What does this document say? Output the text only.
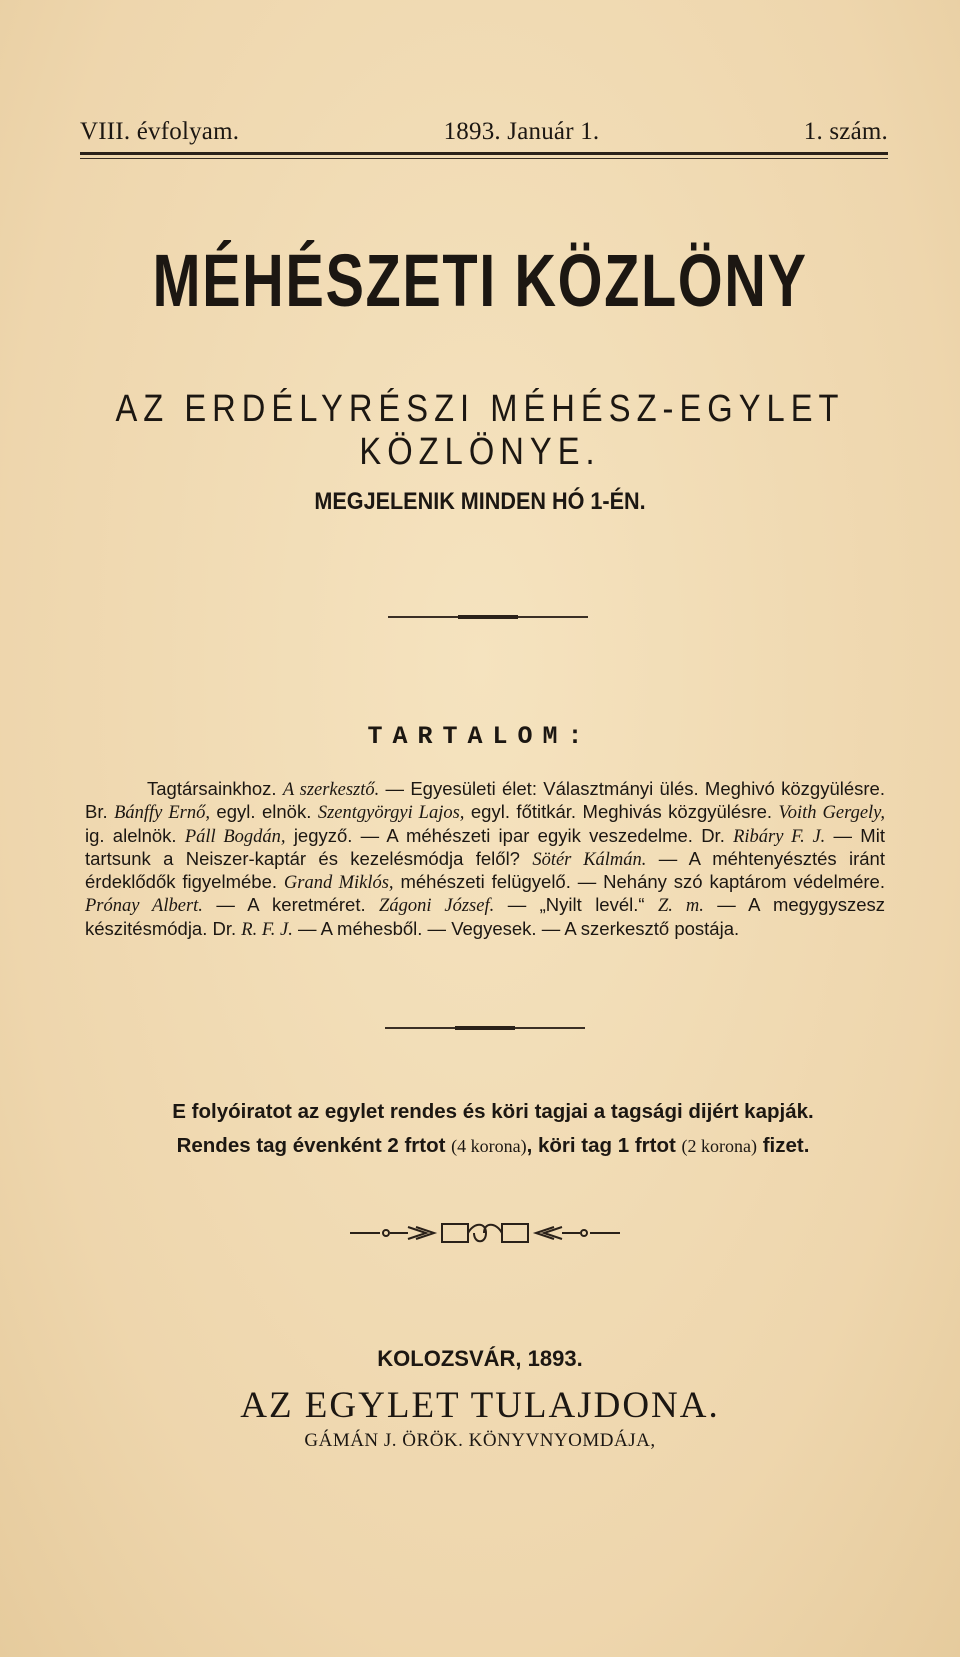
VIII. évfolyam.	1893. Január 1.	1. szám.
MÉHÉSZETI KÖZLÖNY
AZ ERDÉLYRÉSZI MÉHÉSZ-EGYLET KÖZLÖNYE.
MEGJELENIK MINDEN HÓ 1-ÉN.
TARTALOM:
Tagtársainkhoz. A szerkesztő. — Egyesületi élet: Választmányi ülés. Meghivó közgyülésre. Br. Bánffy Ernő, egyl. elnök. Szentgyörgyi Lajos, egyl. főtitkár. Meghivás közgyülésre. Voith Gergely, ig. alelnök. Páll Bogdán, jegyző. — A méhészeti ipar egyik veszedelme. Dr. Ribáry F. J. — Mit tartsunk a Neiszer-kaptár és kezelésmódja felől? Sötér Kálmán. — A méhtenyésztés iránt érdeklődők figyelmébe. Grand Miklós, méhészeti felügyelő. — Nehány szó kaptárom védelmére. Prónay Albert. — A keretméret. Zágoni József. — „Nyilt levél.“ Z. m. — A megygyszesz készitésmódja. Dr. R. F. J. — A méhesből. — Vegyesek. — A szerkesztő postája.
E folyóiratot az egylet rendes és köri tagjai a tagsági dijért kapják.
Rendes tag évenként 2 frtot (4 korona), köri tag 1 frtot (2 korona) fizet.
KOLOZSVÁR, 1893.
AZ EGYLET TULAJDONA.
GÁMÁN J. ÖRÖK. KÖNYVNYOMDÁJA,
